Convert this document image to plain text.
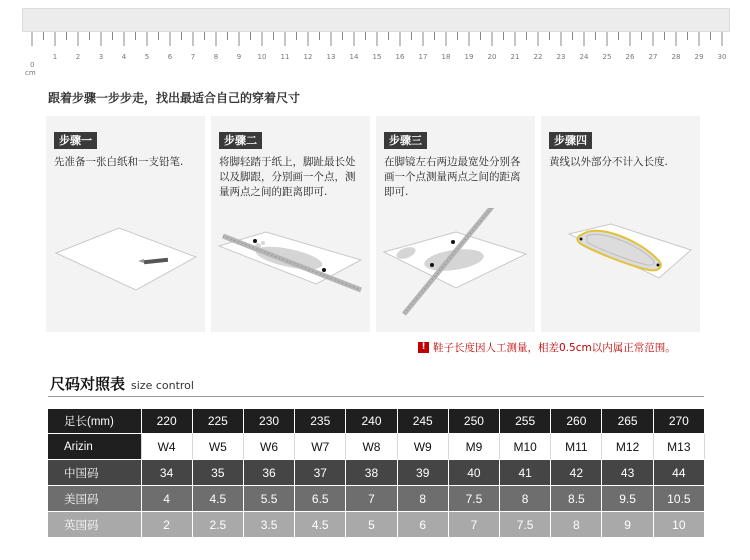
0
cm
1	2	3	4	5	6	7	8	9 10 11 12 13 14 15 16 17 18 19 20 21 22 23 24 25 26 27 28 29 30
跟着步骤一步步走，找出最适合自己的穿着尺寸
步骤一
先准备一张白纸和一支铅笔.
步骤二
将脚轻踏于纸上，脚趾最长处以及脚跟，分别画一个点，测量两点之间的距离即可.
步骤三
在脚镜左右两边最宽处分别各画一个点测量两点之间的距离即可.
步骤四
黄线以外部分不计入长度.
! 鞋子长度因人工测量，相差0.5cm以内属正常范围。
尺码对照表 size control
足长(mm)	220	225	230	235	240	245	250	255	260	265	270
Arizin	W4	W5	W6	W7	W8	W9	M9	M10	M11	M12	M13
中国码	34	35	36	37	38	39	40	41	42	43	44
美国码	4	4.5	5.5	6.5	7	8	7.5	8	8.5	9.5	10.5
英国码	2	2.5	3.5	4.5	5	6	7	7.5	8	9	10
